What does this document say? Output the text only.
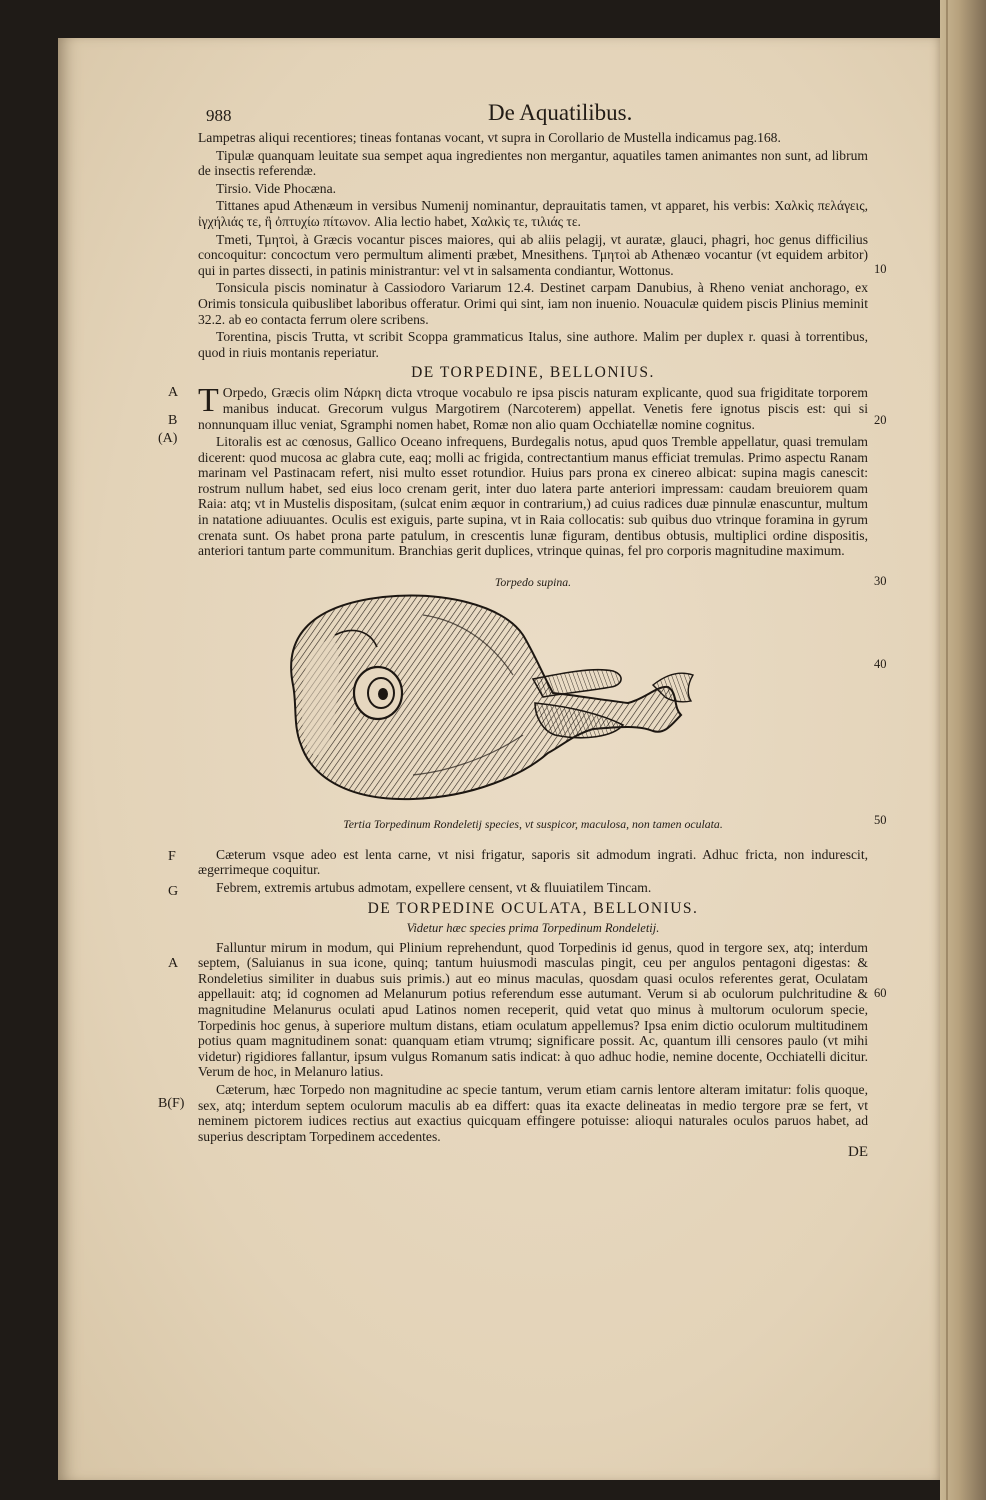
988	De Aquatilibus.

Lampetras aliqui recentiores; tineas fontanas vocant, vt supra in Corollario de Mustella indicamus pag.168.

Tipulæ quanquam leuitate sua sempet aqua ingredientes non mergantur, aquatiles tamen animantes non sunt, ad librum de insectis referendæ.

Tirsio. Vide Phocæna.

Tittanes apud Athenæum in versibus Numenij nominantur, deprauitatis tamen, vt apparet, his verbis: Χαλκὶς πελάγεις, ἰγχήλιάς τε, ἢ ὀπτυχίω πίτωνον. Alia lectio habet, Χαλκὶς τε, τιλιάς τε.

Tmeti, Τμητοὶ, à Græcis vocantur pisces maiores, qui ab aliis pelagij, vt auratæ, glauci, phagri, hoc genus difficilius concoquitur: concoctum vero permultum alimenti præbet, Mnesithens. Τμητοὶ ab Athenæo vocantur (vt equidem arbitor) qui in partes dissecti, in patinis ministrantur: vel vt in salsamenta condiantur, Wottonus.	10

Tonsicula piscis nominatur à Cassiodoro Variarum 12.4. Destinet carpam Danubius, à Rheno veniat anchorago, ex Orimis tonsicula quibuslibet laboribus offeratur. Orimi qui sint, iam non inuenio. Nouaculæ quidem piscis Plinius meminit 32.2. ab eo contacta ferrum olere scribens.

Torentina, piscis Trutta, vt scribit Scoppa grammaticus Italus, sine authore. Malim per duplex r. quasi à torrentibus, quod in riuis montanis reperiatur.

DE TORPEDINE, BELLONIUS.
A
B
(A)
20
T Orpedo, Græcis olim Νάρκη dicta vtroque vocabulo re ipsa piscis naturam explicante, quod sua frigiditate torporem manibus inducat. Grecorum vulgus Margotirem (Narcoterem) appellat. Venetis fere ignotus piscis est: qui si nonnunquam illuc veniat, Sgramphi nomen habet, Romæ non alio quam Occhiatellæ nomine cognitus.

Litoralis est ac cœnosus, Gallico Oceano infrequens, Burdegalis notus, apud quos Tremble appellatur, quasi tremulam dicerent: quod mucosa ac glabra cute, eaq; molli ac frigida, contrectantium manus efficiat tremulas. Primo aspectu Ranam marinam vel Pastinacam refert, nisi multo esset rotundior. Huius pars prona ex cinereo albicat: supina magis canescit: rostrum nullum habet, sed eius loco crenam gerit, inter duo latera parte anteriori impressam: caudam breuiorem quam Raia: atq; vt in Mustelis dispositam, (sulcat enim æquor in contrarium,) ad cuius radices duæ pinnulæ enascuntur, multum in natatione adiuuantes. Oculis est exiguis, parte supina, vt in Raia collocatis: sub quibus duo vtrinque foramina in gyrum crenata sunt. Os habet prona parte patulum, in crescentis lunæ figuram, dentibus obtusis, multiplici ordine dispositis, anteriori tantum parte communitum. Branchias gerit duplices, vtrinque quinas, fel pro corporis magnitudine maximum.

30
Torpedo supina.
40
Tertia Torpedinum Rondeletij species, vt suspicor, maculosa, non tamen oculata.	50
F	Cæterum vsque adeo est lenta carne, vt nisi frigatur, saporis sit admodum ingrati. Adhuc fricta, non indurescit, ægerrimeque coquitur.

G	Febrem, extremis artubus admotam, expellere censent, vt & fluuiatilem Tincam.

DE TORPEDINE OCULATA, BELLONIUS.
Videtur hæc species prima Torpedinum Rondeletij.
A
60

Falluntur mirum in modum, qui Plinium reprehendunt, quod Torpedinis id genus, quod in tergore sex, atq; interdum septem, (Saluianus in sua icone, quinq; tantum huiusmodi masculas pingit, ceu per angulos pentagoni digestas: & Rondeletius similiter in duabus suis primis.) aut eo minus maculas, quosdam quasi oculos referentes gerat, Oculatam appellauit: atq; id cognomen ad Melanurum potius referendum esse autumant. Verum si ab oculorum pulchritudine & magnitudine Melanurus oculati apud Latinos nomen receperit, quid vetat quo minus à multorum oculorum specie, Torpedinis hoc genus, à superiore multum distans, etiam oculatum appellemus? Ipsa enim dictio oculorum multitudinem potius quam magnitudinem sonat: quanquam etiam vtrumq; significare possit. Ac, quantum illi censores paulo (vt mihi videtur) rigidiores fallantur, ipsum vulgus Romanum satis indicat: à quo adhuc hodie, nemine docente, Occhiatelli dicitur. Verum de hoc, in Melanuro latius.

B(F)

Cæterum, hæc Torpedo non magnitudine ac specie tantum, verum etiam carnis lentore alteram imitatur: folis quoque, sex, atq; interdum septem oculorum maculis ab ea differt: quas ita exacte delineatas in medio tergore præ se fert, vt neminem pictorem iudices rectius aut exactius quicquam effingere potuisse: alioqui naturales oculos paruos habet, ad superius descriptam Torpedinem accedentes.

DE
